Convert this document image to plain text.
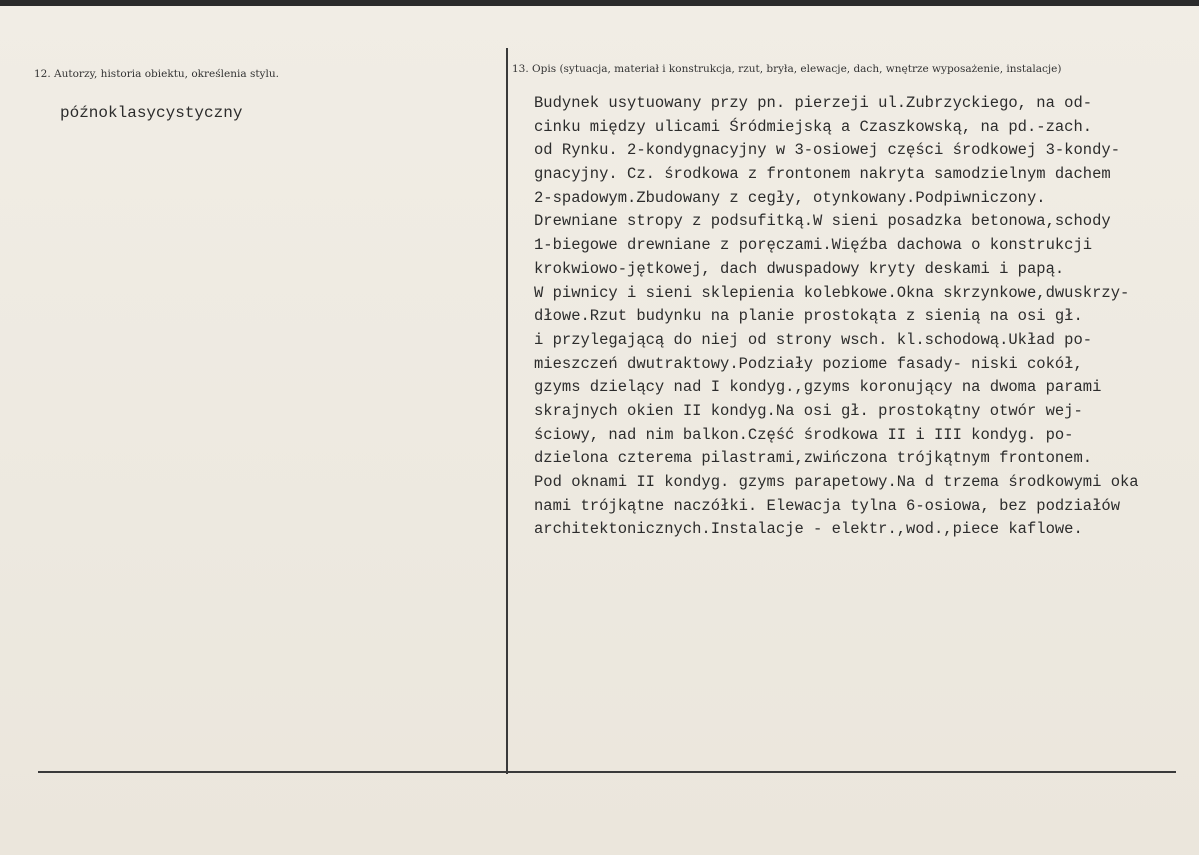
12. Autorzy, historia obiektu, określenia stylu.
późnoklasycystyczny
13. Opis (sytuacja, materiał i konstrukcja, rzut, bryła, elewacje, dach, wnętrze wyposażenie, instalacje)
Budynek usytuowany przy pn. pierzeji ul.Zubrzyckiego, na od-
cinku między ulicami Śródmiejską a Czaszkowską, na pd.-zach.
od Rynku. 2-kondygnacyjny w 3-osiowej części środkowej 3-kondy-
gnacyjny. Cz. środkowa z frontonem nakryta samodzielnym dachem
2-spadowym.Zbudowany z cegły, otynkowany.Podpiwniczony.
Drewniane stropy z podsufitką.W sieni posadzka betonowa,schody
1-biegowe drewniane z poręczami.Więźba dachowa o konstrukcji
krokwiowo-jętkowej, dach dwuspadowy kryty deskami i papą.
W piwnicy i sieni sklepienia kolebkowe.Okna skrzynkowe,dwuskrzy-
dłowe.Rzut budynku na planie prostokąta z sienią na osi gł.
i przylegającą do niej od strony wsch. kl.schodową.Układ po-
mieszczeń dwutraktowy.Podziały poziome fasady- niski cokół,
gzyms dzielący nad I kondyg.,gzyms koronujący na dwoma parami
skrajnych okien II kondyg.Na osi gł. prostokątny otwór wej-
ściowy, nad nim balkon.Część środkowa II i III kondyg. po-
dzielona czterema pilastrami,zwińczona trójkątnym frontonem.
Pod oknami II kondyg. gzyms parapetowy.Na d trzema środkowymi oka
nami trójkątne naczółki. Elewacja tylna 6-osiowa, bez podziałów
architektonicznych.Instalacje - elektr.,wod.,piece kaflowe.
